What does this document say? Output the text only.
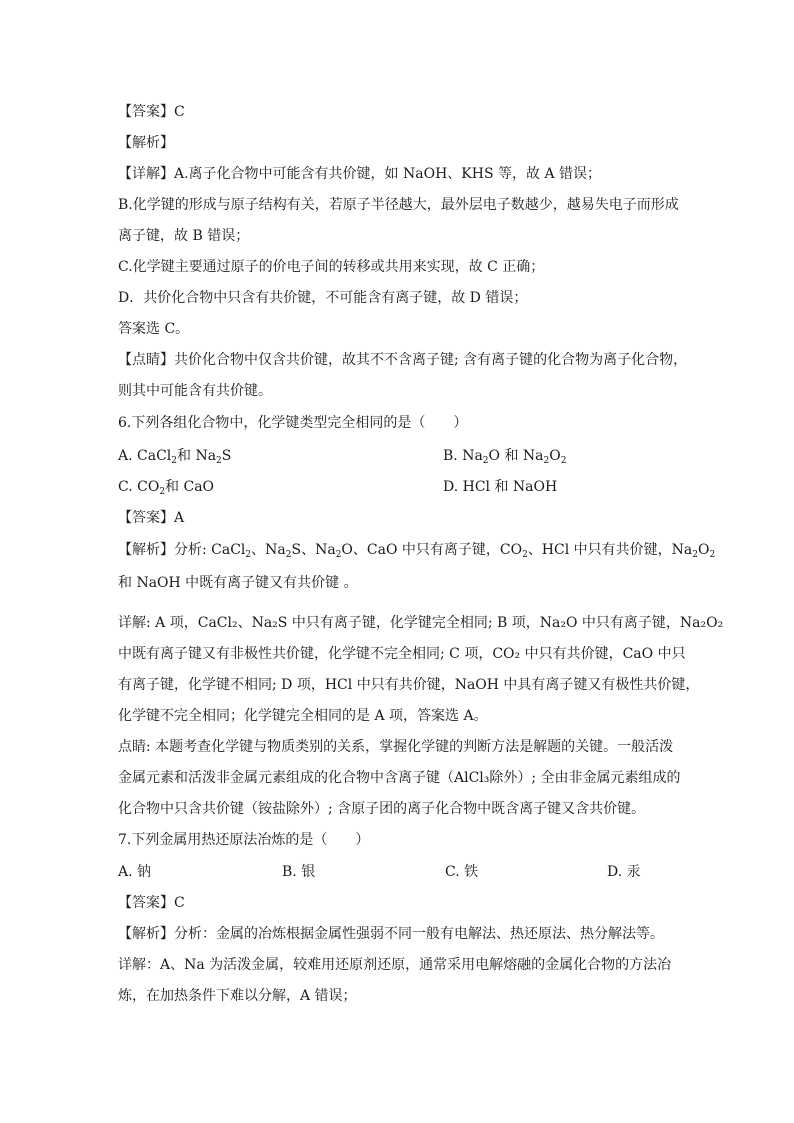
【答案】C
【解析】
【详解】A.离子化合物中可能含有共价键，如 NaOH、KHS 等，故 A 错误；
B.化学键的形成与原子结构有关，若原子半径越大，最外层电子数越少，越易失电子而形成
离子键，故 B 错误；
C.化学键主要通过原子的价电子间的转移或共用来实现，故 C 正确；
D．共价化合物中只含有共价键，不可能含有离子键，故 D 错误；
答案选 C。
【点睛】共价化合物中仅含共价键，故其不不含离子键; 含有离子键的化合物为离子化合物，
则其中可能含有共价键。
6.下列各组化合物中，化学键类型完全相同的是（　　）
A. CaCl$_2$和 $Na_2S$	B. $Na_2O$ 和 $Na_2O_2$
C. $CO_2$和 CaO	D. HCl 和 NaOH
【答案】A
【解析】分析: CaCl$_2$、$Na_2S$、$Na_2O$、CaO 中只有离子键，$CO_2$、HCl 中只有共价键，$Na_2O_2$
和 NaOH 中既有离子键又有共价键 。
详解: A 项，CaCl₂、Na₂S 中只有离子键，化学键完全相同; B 项，Na₂O 中只有离子键，Na₂O₂
中既有离子键又有非极性共价键，化学键不完全相同; C 项，CO₂ 中只有共价键，CaO 中只
有离子键，化学键不相同; D 项，HCl 中只有共价键，NaOH 中具有离子键又有极性共价键，
化学键不完全相同；化学键完全相同的是 A 项，答案选 A。
点睛: 本题考查化学键与物质类别的关系，掌握化学键的判断方法是解题的关键。一般活泼
金属元素和活泼非金属元素组成的化合物中含离子键（AlCl₃除外）; 全由非金属元素组成的
化合物中只含共价键（铵盐除外）; 含原子团的离子化合物中既含离子键又含共价键。
7.下列金属用热还原法冶炼的是（　　）
A. 钠	B. 银	C. 铁	D. 汞
【答案】C
【解析】分析：金属的冶炼根据金属性强弱不同一般有电解法、热还原法、热分解法等。
详解：A、Na 为活泼金属，较难用还原剂还原，通常采用电解熔融的金属化合物的方法冶
炼，在加热条件下难以分解，A 错误；
